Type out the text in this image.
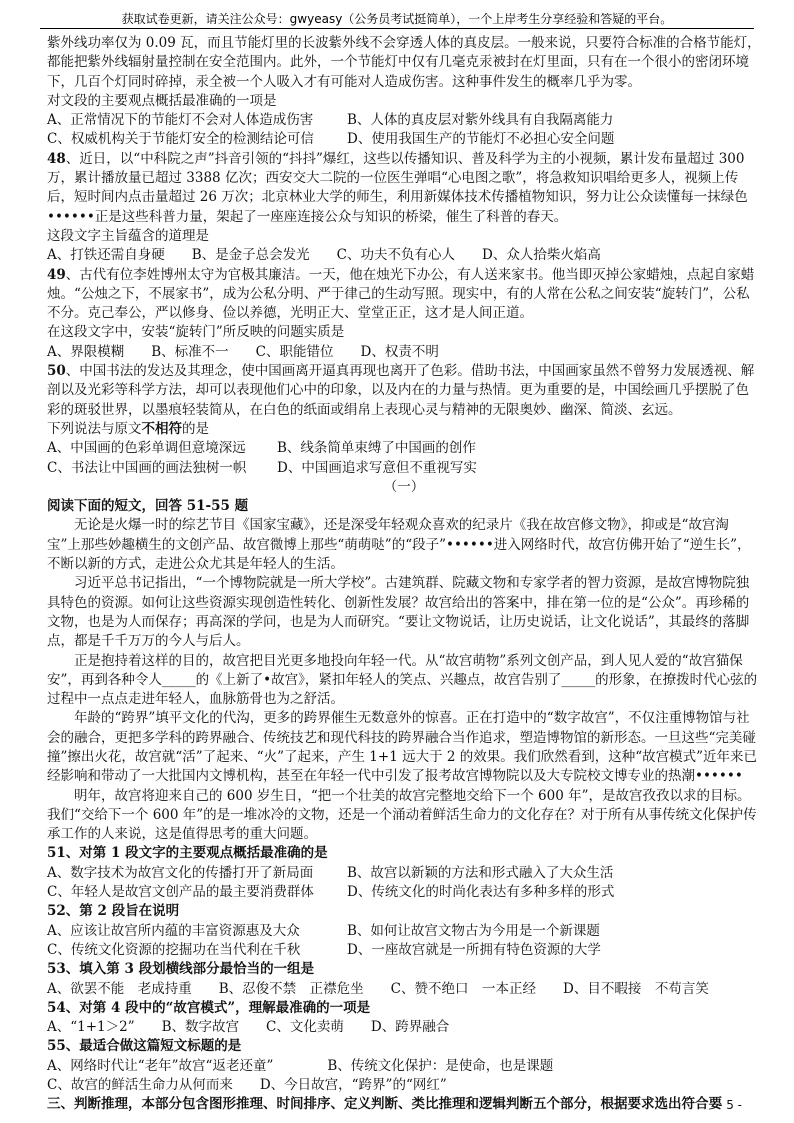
获取试卷更新，请关注公众号：gwyeasy（公务员考试挺简单），一个上岸考生分享经验和答疑的平台。

紫外线功率仅为 0.09 瓦，而且节能灯里的长波紫外线不会穿透人体的真皮层。一般来说，只要符合标准的合格节能灯，都能把紫外线辐射量控制在安全范围内。此外，一个节能灯中仅有几毫克汞被封在灯里面，只有在一个很小的密闭环境下，几百个灯同时碎掉，汞全被一个人吸入才有可能对人造成伤害。这种事件发生的概率几乎为零。

对文段的主要观点概括最准确的一项是

A、正常情况下的节能灯不会对人体造成伤害	B、人体的真皮层对紫外线具有自我隔离能力

C、权威机构关于节能灯安全的检测结论可信 D、使用我国生产的节能灯不必担心安全问题

48、近日，以“中科院之声”抖音引领的“抖抖”爆红，这些以传播知识、普及科学为主的小视频，累计发布量超过 300 万，累计播放量已超过 3388 亿次；西安交大二院的一位医生弹唱“心电图之歌”，将急救知识唱给更多人，视频上传后，短时间内点击量超过 26 万次；北京林业大学的师生，利用新媒体技术传播植物知识，努力让公众读懂每一抹绿色••••••正是这些科普力量，架起了一座座连接公众与知识的桥梁，催生了科普的春天。

这段文字主旨蕴含的道理是

A、打铁还需自身硬　　B、是金子总会发光　　C、功夫不负有心人　　D、众人拾柴火焰高

49、古代有位李姓博州太守为官极其廉洁。一天，他在烛光下办公，有人送来家书。他当即灭掉公家蜡烛，点起自家蜡烛。“公烛之下，不展家书”，成为公私分明、严于律己的生动写照。现实中，有的人常在公私之间安装“旋转门”，公私不分。克己奉公，严以修身、俭以养德，光明正大、堂堂正正，这才是人间正道。

在这段文字中，安装“旋转门”所反映的问题实质是

A、界限模糊　　B、标准不一　　C、职能错位　　D、权责不明

50、中国书法的发达及其理念，使中国画离开逼真再现也离开了色彩。借助书法，中国画家虽然不曾努力发展透视、解剖以及光彩等科学方法，却可以表现他们心中的印象，以及内在的力量与热情。更为重要的是，中国绘画几乎摆脱了色彩的斑驳世界，以墨痕轻装简从，在白色的纸面或绢帛上表现心灵与精神的无限奥妙、幽深、简淡、玄远。

下列说法与原文不相符的是

A、中国画的色彩单调但意境深远 B、线条简单束缚了中国画的创作

C、书法让中国画的画法独树一帜 D、中国画追求写意但不重视写实

（一）

阅读下面的短文，回答 51-55 题

无论是火爆一时的综艺节目《国家宝藏》，还是深受年轻观众喜欢的纪录片《我在故宫修文物》，抑或是“故宫淘宝”上那些妙趣横生的文创产品、故宫微博上那些“萌萌哒”的“段子”••••••进入网络时代，故宫仿佛开始了“逆生长”，不断以新的方式，走进公众尤其是年轻人的生活。

习近平总书记指出，“一个博物院就是一所大学校”。古建筑群、院藏文物和专家学者的智力资源，是故宫博物院独具特色的资源。如何让这些资源实现创造性转化、创新性发展？故宫给出的答案中，排在第一位的是“公众”。再珍稀的文物，也是为人而保存；再高深的学问，也是为人而研究。“要让文物说话，让历史说话，让文化说话”，其最终的落脚点，都是千千万万的今人与后人。

正是抱持着这样的目的，故宫把目光更多地投向年轻一代。从“故宫萌物”系列文创产品，到人见人爱的“故宫猫保安”，再到各种令人_____的《上新了•故宫》，紧扣年轻人的笑点、兴趣点，故宫告别了_____的形象，在撩拨时代心弦的过程中一点点走进年轻人，血脉筋骨也为之舒活。

年龄的“跨界”填平文化的代沟，更多的跨界催生无数意外的惊喜。正在打造中的“数字故宫”，不仅注重博物馆与社会的融合，更把多学科的跨界融合、传统技艺和现代科技的跨界融合当作追求，塑造博物馆的新形态。一旦这些“完美碰撞”擦出火花，故宫就“活”了起来、“火”了起来，产生 1+1 远大于 2 的效果。我们欣然看到，这种“故宫模式”近年来已经影响和带动了一大批国内文博机构，甚至在年轻一代中引发了报考故宫博物院以及大专院校文博专业的热潮••••••

明年，故宫将迎来自己的 600 岁生日，“把一个壮美的故宫完整地交给下一个 600 年”，是故宫孜孜以求的目标。我们“交给下一个 600 年”的是一堆冰冷的文物，还是一个涌动着鲜活生命力的文化存在？对于所有从事传统文化保护传承工作的人来说，这是值得思考的重大问题。

51、对第 1 段文字的主要观点概括最准确的是

A、数字技术为故宫文化的传播打开了新局面	B、故宫以新颖的方法和形式融入了大众生活

C、年轻人是故宫文创产品的最主要消费群体 D、传统文化的时尚化表达有多种多样的形式

52、第 2 段旨在说明

A、应该让故宫所内蕴的丰富资源惠及大众	B、如何让故宫文物古为今用是一个新课题

C、传统文化资源的挖掘功在当代利在千秋	D、一座故宫就是一所拥有特色资源的大学

53、填入第 3 段划横线部分最恰当的一组是

A、欲罢不能　老成持重　　B、忍俊不禁　正襟危坐　　C、赞不绝口　一本正经　　D、目不暇接　不苟言笑

54、对第 4 段中的“故宫模式”，理解最准确的一项是

A、“1+1＞2”　　B、数字故宫　　C、文化卖萌　　D、跨界融合

55、最适合做这篇短文标题的是

A、网络时代让“老年”故宫“返老还童”　　　　B、传统文化保护：是使命，也是课题

C、故宫的鲜活生命力从何而来　　D、今日故宫，“跨界”的“网红”

三、判断推理，本部分包含图形推理、时间排序、定义判断、类比推理和逻辑判断五个部分，根据要求选出符合要

- 5 -
